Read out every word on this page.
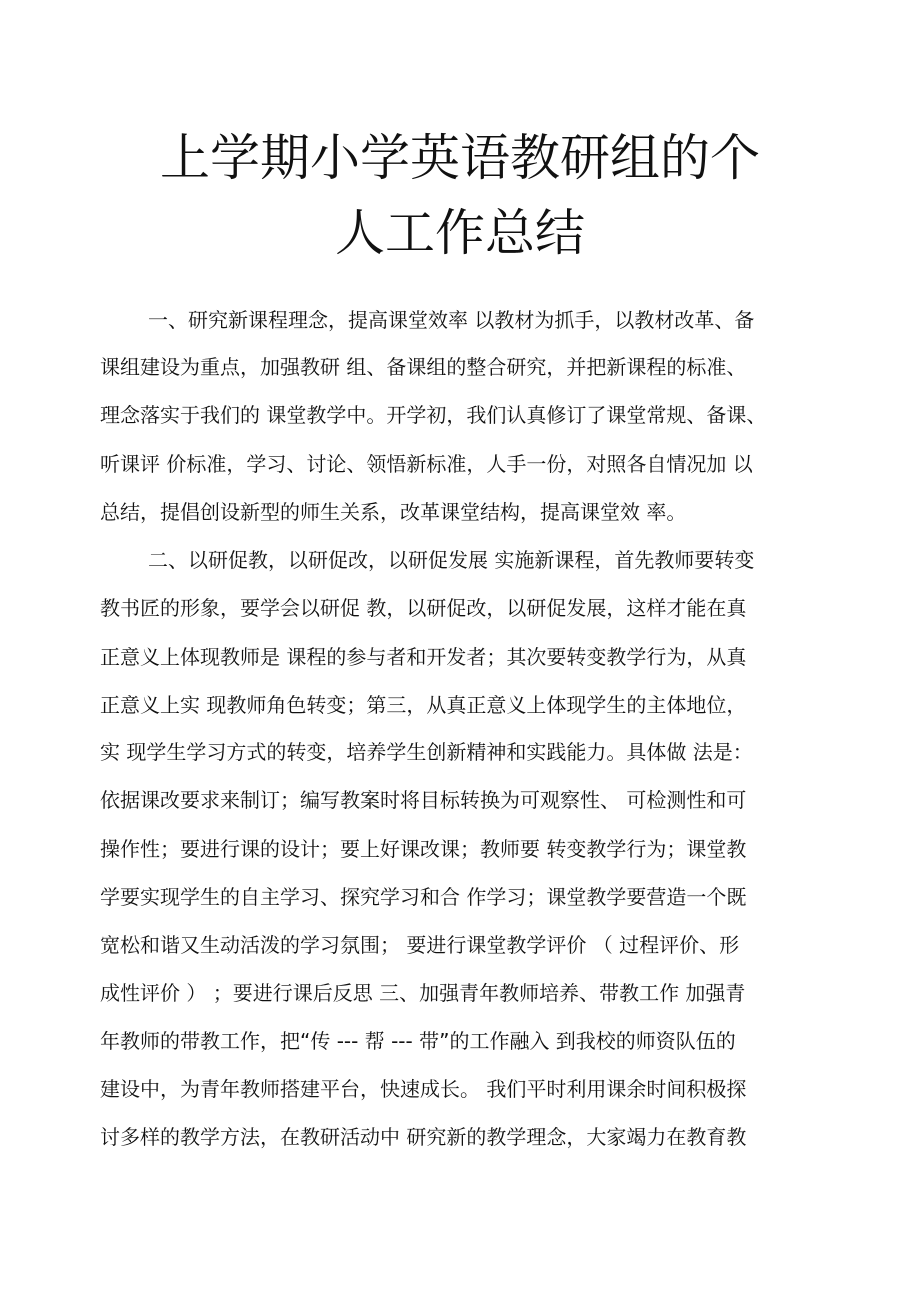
上学期小学英语教研组的个
人工作总结

一、研究新课程理念，提高课堂效率 以教材为抓手，以教材改革、备

课组建设为重点，加强教研 组、备课组的整合研究，并把新课程的标准、

理念落实于我们的 课堂教学中。开学初，我们认真修订了课堂常规、备课、

听课评 价标准，学习、讨论、领悟新标准，人手一份，对照各自情况加 以

总结，提倡创设新型的师生关系，改革课堂结构，提高课堂效 率。

二、以研促教，以研促改，以研促发展 实施新课程，首先教师要转变

教书匠的形象，要学会以研促 教，以研促改，以研促发展，这样才能在真

正意义上体现教师是 课程的参与者和开发者；其次要转变教学行为，从真

正意义上实 现教师角色转变；第三，从真正意义上体现学生的主体地位，

实 现学生学习方式的转变，培养学生创新精神和实践能力。具体做 法是：

依据课改要求来制订；编写教案时将目标转换为可观察性、 可检测性和可

操作性；要进行课的设计；要上好课改课；教师要 转变教学行为；课堂教

学要实现学生的自主学习、探究学习和合 作学习；课堂教学要营造一个既

宽松和谐又生动活泼的学习氛围； 要进行课堂教学评价 （ 过程评价、形

成性评价 ） ；要进行课后反思 三、加强青年教师培养、带教工作 加强青

年教师的带教工作，把“传 --- 帮 --- 带”的工作融入 到我校的师资队伍的

建设中，为青年教师搭建平台，快速成长。 我们平时利用课余时间积极探

讨多样的教学方法，在教研活动中 研究新的教学理念，大家竭力在教育教
